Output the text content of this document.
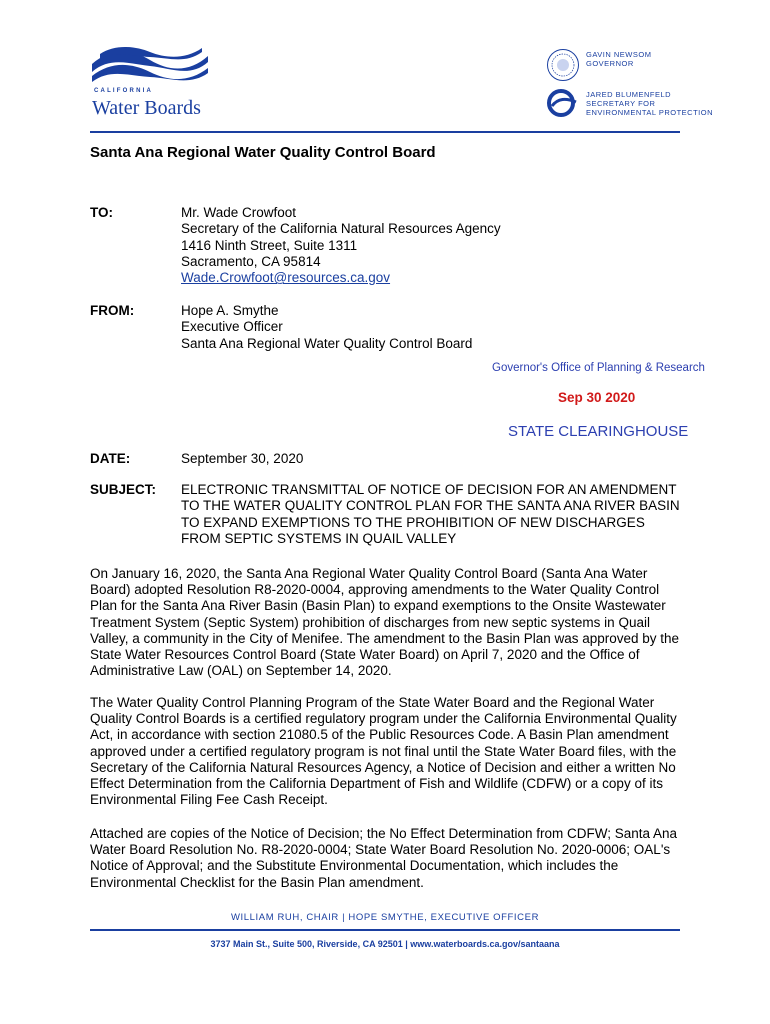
CALIFORNIA
Water Boards
GAVIN NEWSOM
GOVERNOR
JARED BLUMENFELD
SECRETARY FOR
ENVIRONMENTAL PROTECTION
Santa Ana Regional Water Quality Control Board
TO:	Mr. Wade Crowfoot
Secretary of the California Natural Resources Agency
1416 Ninth Street, Suite 1311
Sacramento, CA 95814
Wade.Crowfoot@resources.ca.gov
FROM:	Hope A. Smythe
Executive Officer
Santa Ana Regional Water Quality Control Board
Governor's Office of Planning & Research
Sep 30 2020
STATE CLEARINGHOUSE
DATE:	September 30, 2020
SUBJECT: ELECTRONIC TRANSMITTAL OF NOTICE OF DECISION FOR AN AMENDMENT TO THE WATER QUALITY CONTROL PLAN FOR THE SANTA ANA RIVER BASIN TO EXPAND EXEMPTIONS TO THE PROHIBITION OF NEW DISCHARGES FROM SEPTIC SYSTEMS IN QUAIL VALLEY
On January 16, 2020, the Santa Ana Regional Water Quality Control Board (Santa Ana Water Board) adopted Resolution R8-2020-0004, approving amendments to the Water Quality Control Plan for the Santa Ana River Basin (Basin Plan) to expand exemptions to the Onsite Wastewater Treatment System (Septic System) prohibition of discharges from new septic systems in Quail Valley, a community in the City of Menifee. The amendment to the Basin Plan was approved by the State Water Resources Control Board (State Water Board) on April 7, 2020 and the Office of Administrative Law (OAL) on September 14, 2020.
The Water Quality Control Planning Program of the State Water Board and the Regional Water Quality Control Boards is a certified regulatory program under the California Environmental Quality Act, in accordance with section 21080.5 of the Public Resources Code. A Basin Plan amendment approved under a certified regulatory program is not final until the State Water Board files, with the Secretary of the California Natural Resources Agency, a Notice of Decision and either a written No Effect Determination from the California Department of Fish and Wildlife (CDFW) or a copy of its Environmental Filing Fee Cash Receipt.
Attached are copies of the Notice of Decision; the No Effect Determination from CDFW; Santa Ana Water Board Resolution No. R8-2020-0004; State Water Board Resolution No. 2020-0006; OAL's Notice of Approval; and the Substitute Environmental Documentation, which includes the Environmental Checklist for the Basin Plan amendment.
WILLIAM RUH, CHAIR | HOPE SMYTHE, EXECUTIVE OFFICER
3737 Main St., Suite 500, Riverside, CA 92501 | www.waterboards.ca.gov/santaana
